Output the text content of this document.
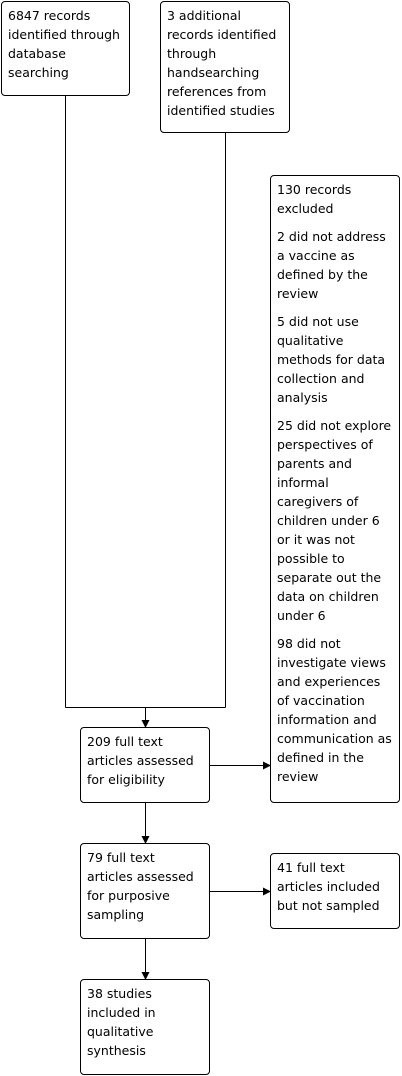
6847 records identified through database searching
3 additional records identified through handsearching references from identified studies

130 records excluded

2 did not address a vaccine as defined by the review

5 did not use qualitative methods for data collection and analysis

25 did not explore perspectives of parents and informal caregivers of children under 6 or it was not possible to separate out the data on children under 6

98 did not investigate views and experiences of vaccination information and communication as defined in the review

209 full text articles assessed for eligibility
79 full text articles assessed for purposive sampling
41 full text articles included but not sampled
38 studies included in qualitative synthesis
